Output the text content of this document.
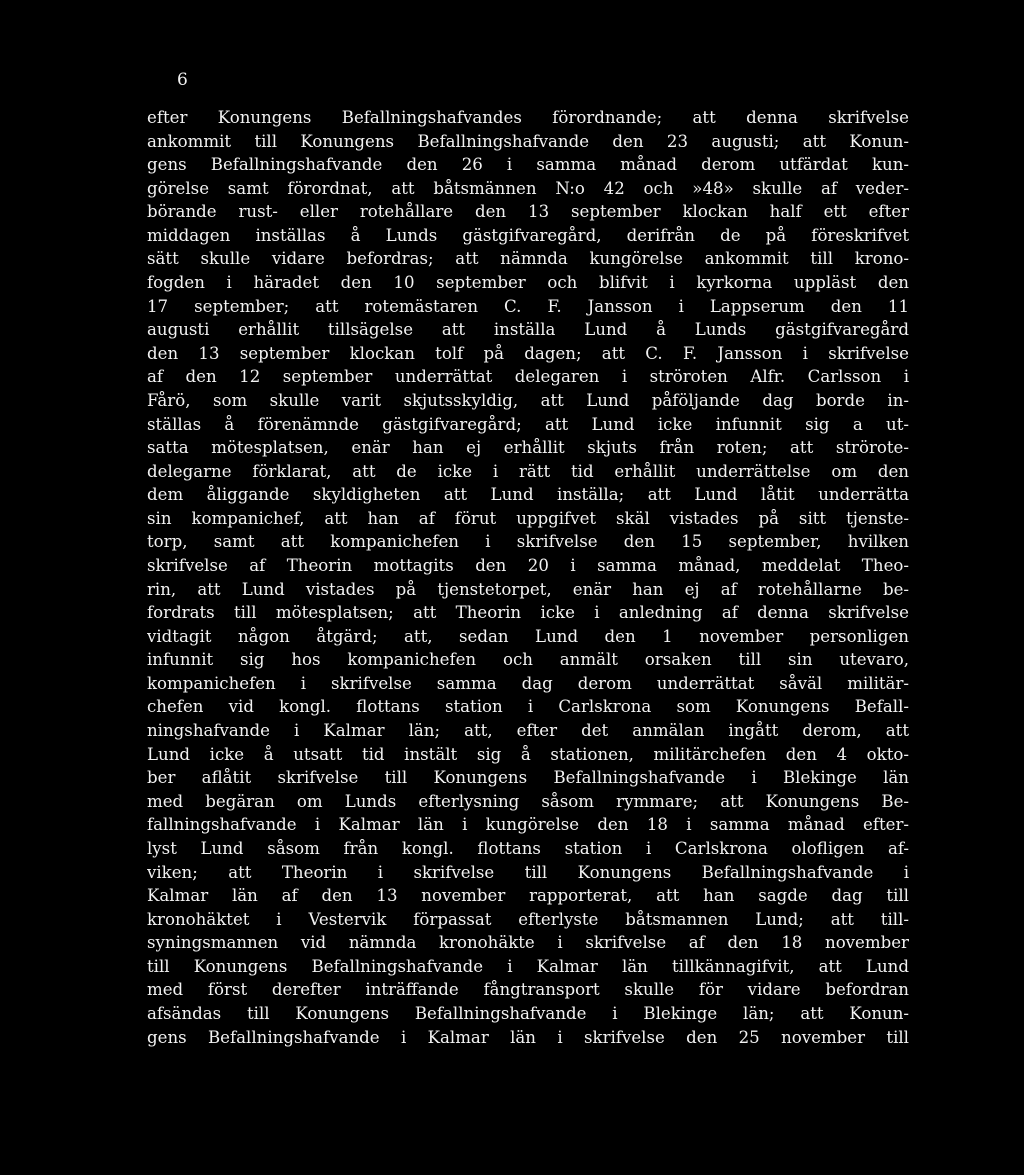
6
efter Konungens Befallningshafvandes förordnande; att denna skrifvelse
ankommit till Konungens Befallningshafvande den 23 augusti; att Konun-
gens Befallningshafvande den 26 i samma månad derom utfärdat kun-
görelse samt förordnat, att båtsmännen N:o 42 och »48» skulle af veder-
börande rust- eller rotehållare den 13 september klockan half ett efter
middagen inställas å Lunds gästgifvaregård, derifrån de på föreskrifvet
sätt skulle vidare befordras; att nämnda kungörelse ankommit till krono-
fogden i häradet den 10 september och blifvit i kyrkorna uppläst den
17 september; att rotemästaren C. F. Jansson i Lappserum den 11
augusti erhållit tillsägelse att inställa Lund å Lunds gästgifvaregård
den 13 september klockan tolf på dagen; att C. F. Jansson i skrifvelse
af den 12 september underrättat delegaren i ströroten Alfr. Carlsson i
Fårö, som skulle varit skjutsskyldig, att Lund påföljande dag borde in-
ställas å förenämnde gästgifvaregård; att Lund icke infunnit sig a ut-
satta mötesplatsen, enär han ej erhållit skjuts från roten; att strörote-
delegarne förklarat, att de icke i rätt tid erhållit underrättelse om den
dem åliggande skyldigheten att Lund inställa; att Lund låtit underrätta
sin kompanichef, att han af förut uppgifvet skäl vistades på sitt tjenste-
torp, samt att kompanichefen i skrifvelse den 15 september, hvilken
skrifvelse af Theorin mottagits den 20 i samma månad, meddelat Theo-
rin, att Lund vistades på tjenstetorpet, enär han ej af rotehållarne be-
fordrats till mötesplatsen; att Theorin icke i anledning af denna skrifvelse
vidtagit någon åtgärd; att, sedan Lund den 1 november personligen
infunnit sig hos kompanichefen och anmält orsaken till sin utevaro,
kompanichefen i skrifvelse samma dag derom underrättat såväl militär-
chefen vid kongl. flottans station i Carlskrona som Konungens Befall-
ningshafvande i Kalmar län; att, efter det anmälan ingått derom, att
Lund icke å utsatt tid instält sig å stationen, militärchefen den 4 okto-
ber aflåtit skrifvelse till Konungens Befallningshafvande i Blekinge län
med begäran om Lunds efterlysning såsom rymmare; att Konungens Be-
fallningshafvande i Kalmar län i kungörelse den 18 i samma månad efter-
lyst Lund såsom från kongl. flottans station i Carlskrona olofligen af-
viken; att Theorin i skrifvelse till Konungens Befallningshafvande i
Kalmar län af den 13 november rapporterat, att han sagde dag till
kronohäktet i Vestervik förpassat efterlyste båtsmannen Lund; att till-
syningsmannen vid nämnda kronohäkte i skrifvelse af den 18 november
till Konungens Befallningshafvande i Kalmar län tillkännagifvit, att Lund
med först derefter inträffande fångtransport skulle för vidare befordran
afsändas till Konungens Befallningshafvande i Blekinge län; att Konun-
gens Befallningshafvande i Kalmar län i skrifvelse den 25 november till
